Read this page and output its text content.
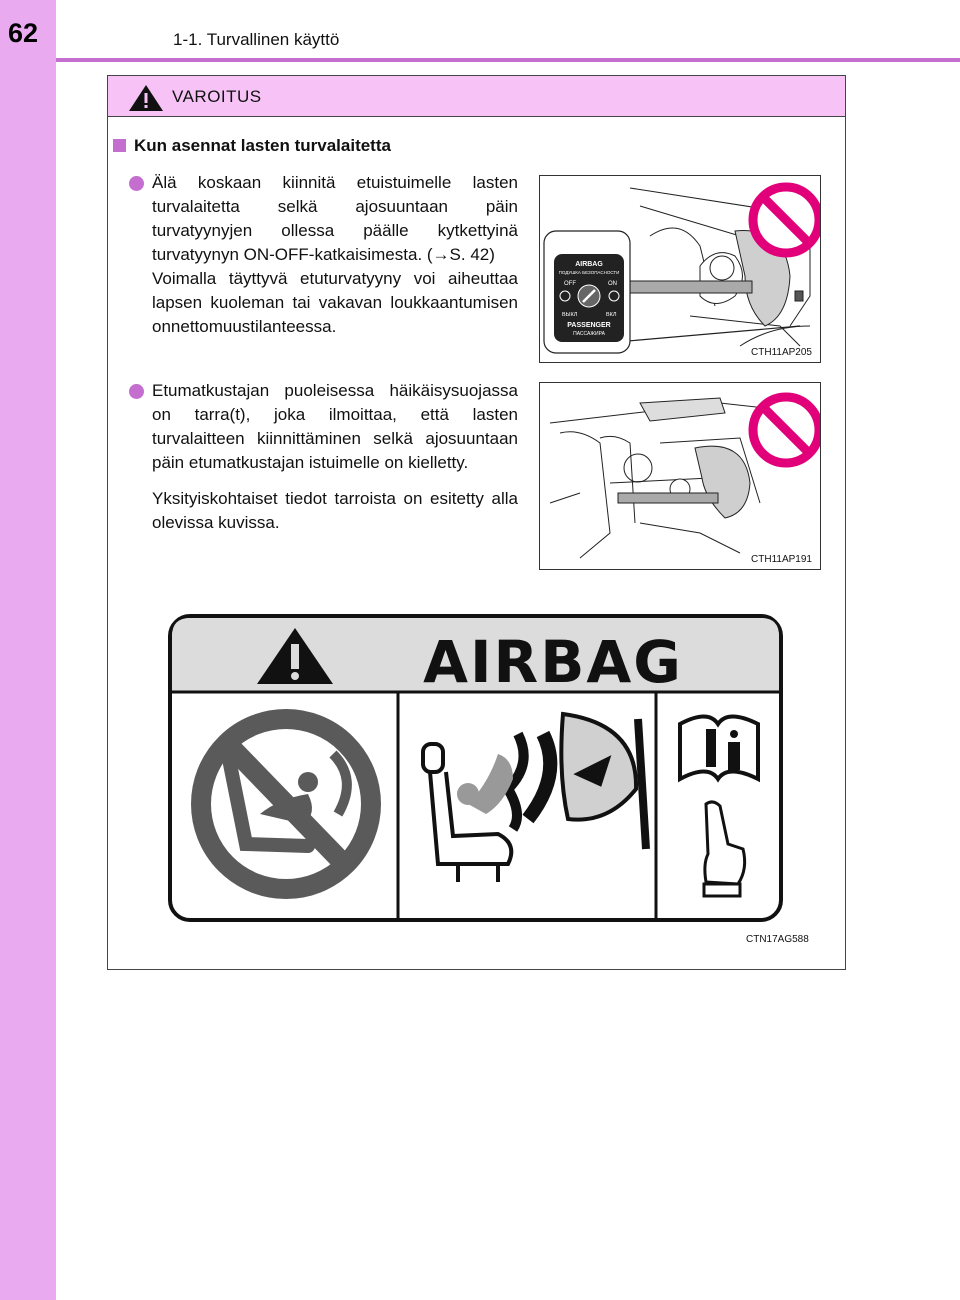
62	1-1. Turvallinen käyttö
VAROITUS
Kun asennat lasten turvalaitetta

Älä koskaan kiinnitä etuistuimelle lasten turvalaitetta selkä ajosuuntaan päin turvatyynyjen ollessa päälle kytkettyinä turvatyynyn ON-OFF-katkaisimesta. (→S. 42)

Voimalla täyttyvä etuturvatyyny voi aiheuttaa lapsen kuoleman tai vakavan loukkaantumisen onnettomuustilanteessa.

Etumatkustajan puoleisessa häikäisysuojassa on tarra(t), joka ilmoittaa, että lasten turvalaitteen kiinnittäminen selkä ajosuuntaan päin etumatkustajan istuimelle on kielletty.

Yksityiskohtaiset tiedot tarroista on esitetty alla olevissa kuvissa.

AIRBAG
ПОДУШКА БЕЗОПАСНОСТИ
OFF	ON
ВЫКЛ	ВКЛ
PASSENGER
ПАССАЖИРА
CTH11AP205
CTH11AP191
AIRBAG
CTN17AG588
